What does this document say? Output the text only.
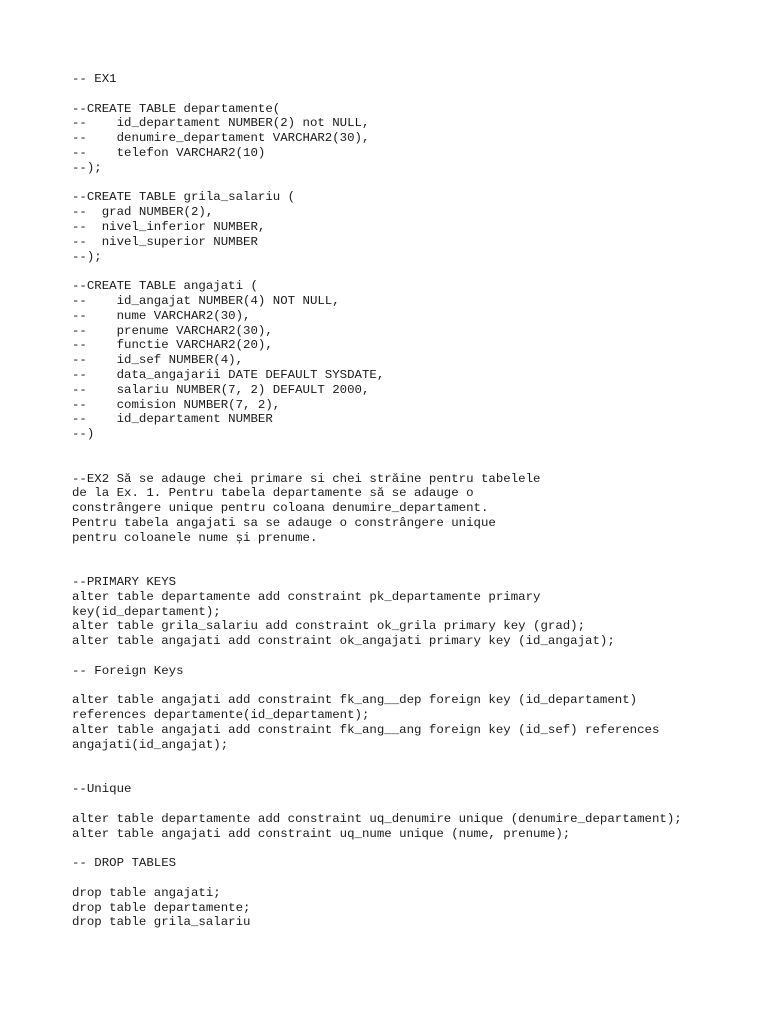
-- EX1
--CREATE TABLE departamente(
--    id_departament NUMBER(2) not NULL,
--    denumire_departament VARCHAR2(30),
--    telefon VARCHAR2(10)
--);
--CREATE TABLE grila_salariu (
--  grad NUMBER(2),
--  nivel_inferior NUMBER,
--  nivel_superior NUMBER
--);
--CREATE TABLE angajati (
--    id_angajat NUMBER(4) NOT NULL,
--    nume VARCHAR2(30),
--    prenume VARCHAR2(30),
--    functie VARCHAR2(20),
--    id_sef NUMBER(4),
--    data_angajarii DATE DEFAULT SYSDATE,
--    salariu NUMBER(7, 2) DEFAULT 2000,
--    comision NUMBER(7, 2),
--    id_departament NUMBER
--)
--EX2 Să se adauge chei primare si chei străine pentru tabelele
de la Ex. 1. Pentru tabela departamente să se adauge o
constrângere unique pentru coloana denumire_departament.
Pentru tabela angajati sa se adauge o constrângere unique
pentru coloanele nume și prenume.
--PRIMARY KEYS
alter table departamente add constraint pk_departamente primary
key(id_departament);
alter table grila_salariu add constraint ok_grila primary key (grad);
alter table angajati add constraint ok_angajati primary key (id_angajat);
-- Foreign Keys
alter table angajati add constraint fk_ang__dep foreign key (id_departament)
references departamente(id_departament);
alter table angajati add constraint fk_ang__ang foreign key (id_sef) references
angajati(id_angajat);
--Unique
alter table departamente add constraint uq_denumire unique (denumire_departament);
alter table angajati add constraint uq_nume unique (nume, prenume);
-- DROP TABLES
drop table angajati;
drop table departamente;
drop table grila_salariu
